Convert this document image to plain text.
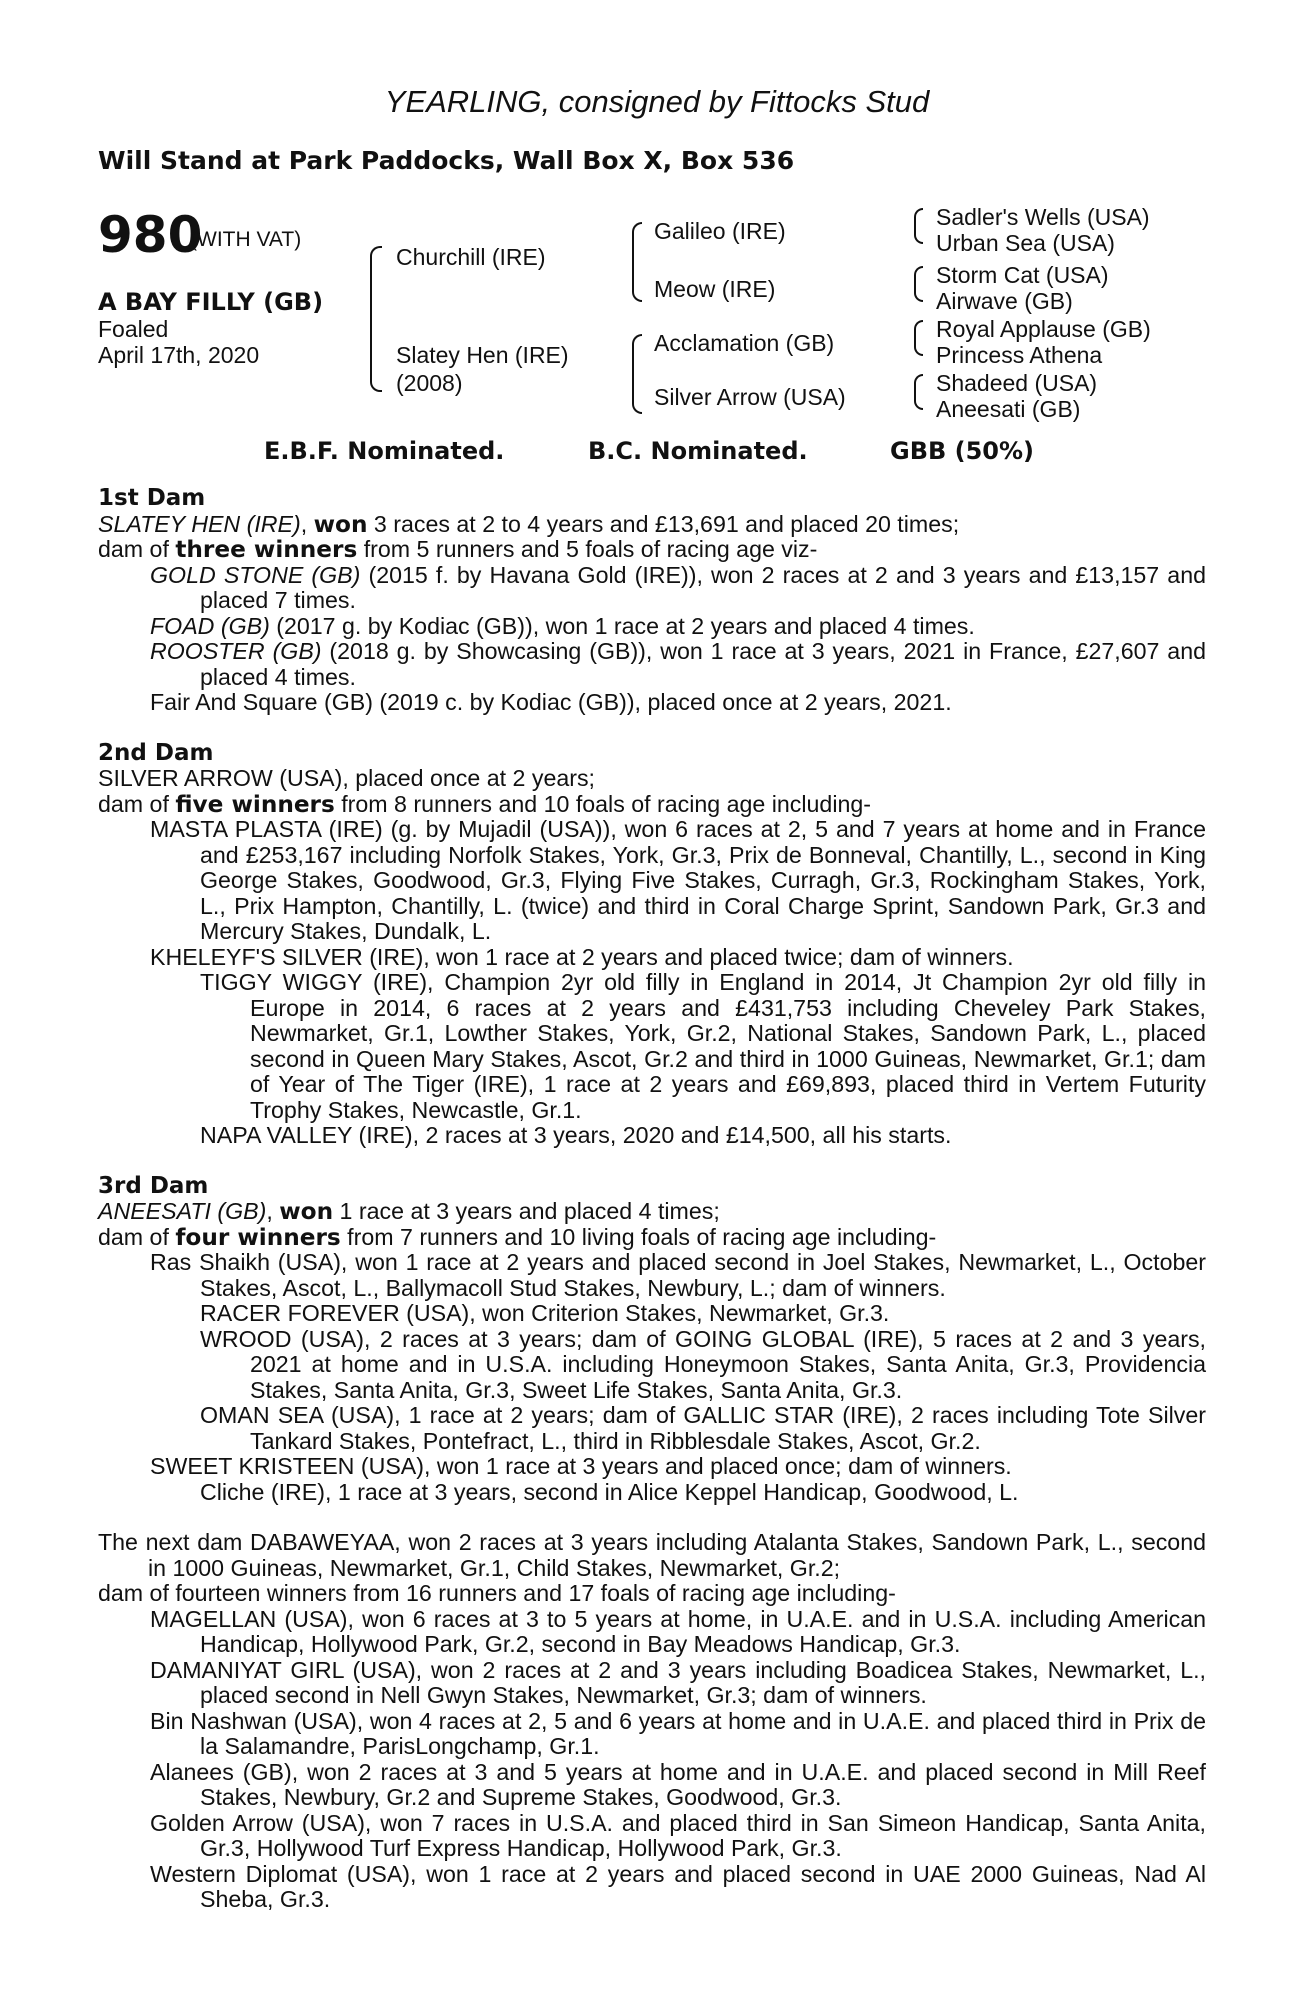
YEARLING, consigned by Fittocks Stud
Will Stand at Park Paddocks, Wall Box X, Box 536
980
(WITH VAT)
A BAY FILLY (GB)
Foaled
April 17th, 2020
Churchill (IRE)
Slatey Hen (IRE)
(2008)
Galileo (IRE)
Meow (IRE)
Acclamation (GB)
Silver Arrow (USA)
Sadler's Wells (USA)
Urban Sea (USA)
Storm Cat (USA)
Airwave (GB)
Royal Applause (GB)
Princess Athena
Shadeed (USA)
Aneesati (GB)
E.B.F. Nominated.	B.C. Nominated.	GBB (50%)

1st Dam

SLATEY HEN (IRE), won 3 races at 2 to 4 years and £13,691 and placed 20 times;

dam of three winners from 5 runners and 5 foals of racing age viz-

GOLD STONE (GB) (2015 f. by Havana Gold (IRE)), won 2 races at 2 and 3 years and £13,157 and placed 7 times.

FOAD (GB) (2017 g. by Kodiac (GB)), won 1 race at 2 years and placed 4 times.

ROOSTER (GB) (2018 g. by Showcasing (GB)), won 1 race at 3 years, 2021 in France, £27,607 and placed 4 times.

Fair And Square (GB) (2019 c. by Kodiac (GB)), placed once at 2 years, 2021.

2nd Dam

SILVER ARROW (USA), placed once at 2 years;

dam of five winners from 8 runners and 10 foals of racing age including-

MASTA PLASTA (IRE) (g. by Mujadil (USA)), won 6 races at 2, 5 and 7 years at home and in France and £253,167 including Norfolk Stakes, York, Gr.3, Prix de Bonneval, Chantilly, L., second in King George Stakes, Goodwood, Gr.3, Flying Five Stakes, Curragh, Gr.3, Rockingham Stakes, York, L., Prix Hampton, Chantilly, L. (twice) and third in Coral Charge Sprint, Sandown Park, Gr.3 and Mercury Stakes, Dundalk, L.

KHELEYF'S SILVER (IRE), won 1 race at 2 years and placed twice; dam of winners.

TIGGY WIGGY (IRE), Champion 2yr old filly in England in 2014, Jt Champion 2yr old filly in Europe in 2014, 6 races at 2 years and £431,753 including Cheveley Park Stakes, Newmarket, Gr.1, Lowther Stakes, York, Gr.2, National Stakes, Sandown Park, L., placed second in Queen Mary Stakes, Ascot, Gr.2 and third in 1000 Guineas, Newmarket, Gr.1; dam of Year of The Tiger (IRE), 1 race at 2 years and £69,893, placed third in Vertem Futurity Trophy Stakes, Newcastle, Gr.1.

NAPA VALLEY (IRE), 2 races at 3 years, 2020 and £14,500, all his starts.

3rd Dam

ANEESATI (GB), won 1 race at 3 years and placed 4 times;

dam of four winners from 7 runners and 10 living foals of racing age including-

Ras Shaikh (USA), won 1 race at 2 years and placed second in Joel Stakes, Newmarket, L., October Stakes, Ascot, L., Ballymacoll Stud Stakes, Newbury, L.; dam of winners.

RACER FOREVER (USA), won Criterion Stakes, Newmarket, Gr.3.

WROOD (USA), 2 races at 3 years; dam of GOING GLOBAL (IRE), 5 races at 2 and 3 years, 2021 at home and in U.S.A. including Honeymoon Stakes, Santa Anita, Gr.3, Providencia Stakes, Santa Anita, Gr.3, Sweet Life Stakes, Santa Anita, Gr.3.

OMAN SEA (USA), 1 race at 2 years; dam of GALLIC STAR (IRE), 2 races including Tote Silver Tankard Stakes, Pontefract, L., third in Ribblesdale Stakes, Ascot, Gr.2.

SWEET KRISTEEN (USA), won 1 race at 3 years and placed once; dam of winners.

Cliche (IRE), 1 race at 3 years, second in Alice Keppel Handicap, Goodwood, L.

The next dam DABAWEYAA, won 2 races at 3 years including Atalanta Stakes, Sandown Park, L., second in 1000 Guineas, Newmarket, Gr.1, Child Stakes, Newmarket, Gr.2;

dam of fourteen winners from 16 runners and 17 foals of racing age including-

MAGELLAN (USA), won 6 races at 3 to 5 years at home, in U.A.E. and in U.S.A. including American Handicap, Hollywood Park, Gr.2, second in Bay Meadows Handicap, Gr.3.

DAMANIYAT GIRL (USA), won 2 races at 2 and 3 years including Boadicea Stakes, Newmarket, L., placed second in Nell Gwyn Stakes, Newmarket, Gr.3; dam of winners.

Bin Nashwan (USA), won 4 races at 2, 5 and 6 years at home and in U.A.E. and placed third in Prix de la Salamandre, ParisLongchamp, Gr.1.

Alanees (GB), won 2 races at 3 and 5 years at home and in U.A.E. and placed second in Mill Reef Stakes, Newbury, Gr.2 and Supreme Stakes, Goodwood, Gr.3.

Golden Arrow (USA), won 7 races in U.S.A. and placed third in San Simeon Handicap, Santa Anita, Gr.3, Hollywood Turf Express Handicap, Hollywood Park, Gr.3.

Western Diplomat (USA), won 1 race at 2 years and placed second in UAE 2000 Guineas, Nad Al Sheba, Gr.3.
